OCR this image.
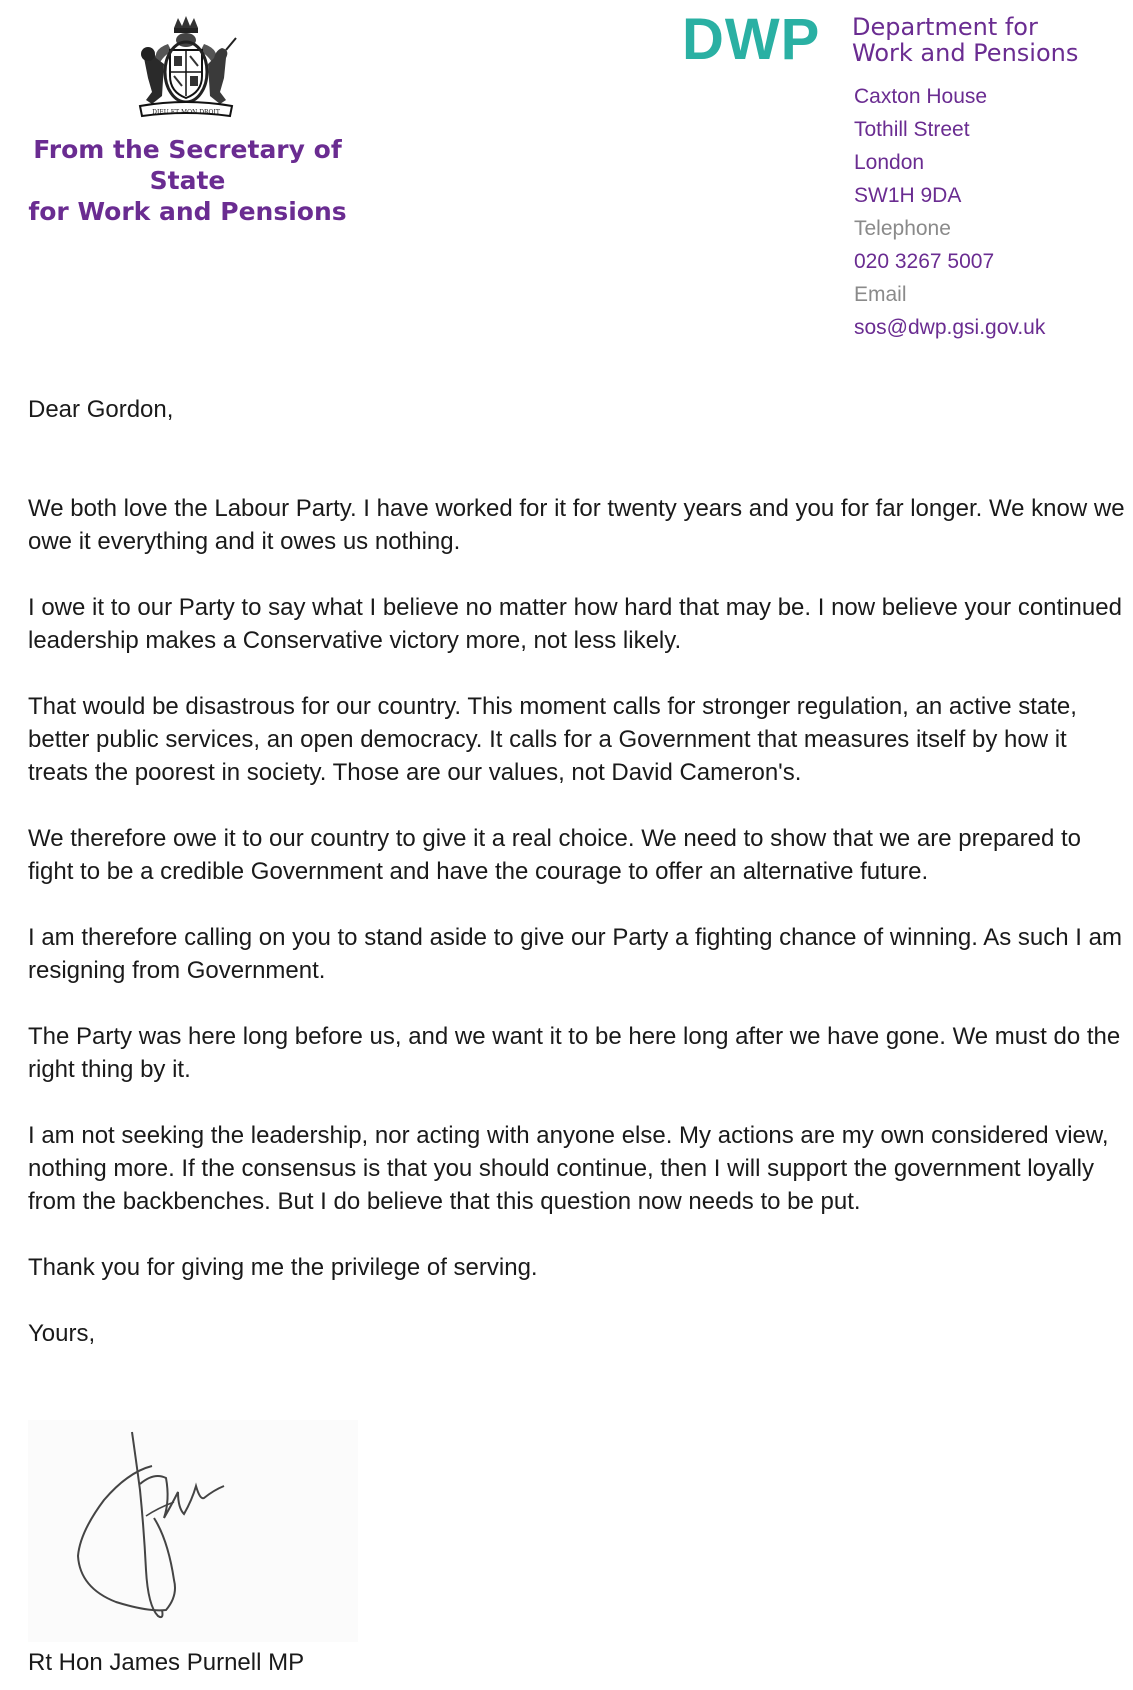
DIEU ET MON DROIT
From the Secretary of State
for Work and Pensions
DWP Department for
Work and Pensions
Caxton House
Tothill Street
London
SW1H 9DA
Telephone
020 3267 5007
Email
sos@dwp.gsi.gov.uk

Dear Gordon,

We both love the Labour Party. I have worked for it for twenty years and you for far longer. We know we owe it everything and it owes us nothing.

I owe it to our Party to say what I believe no matter how hard that may be. I now believe your continued leadership makes a Conservative victory more, not less likely.

That would be disastrous for our country. This moment calls for stronger regulation, an active state, better public services, an open democracy. It calls for a Government that measures itself by how it treats the poorest in society. Those are our values, not David Cameron's.

We therefore owe it to our country to give it a real choice. We need to show that we are prepared to fight to be a credible Government and have the courage to offer an alternative future.

I am therefore calling on you to stand aside to give our Party a fighting chance of winning. As such I am resigning from Government.

The Party was here long before us, and we want it to be here long after we have gone. We must do the right thing by it.

I am not seeking the leadership, nor acting with anyone else. My actions are my own considered view, nothing more. If the consensus is that you should continue, then I will support the government loyally from the backbenches. But I do believe that this question now needs to be put.

Thank you for giving me the privilege of serving.

Yours,

Rt Hon James Purnell MP
